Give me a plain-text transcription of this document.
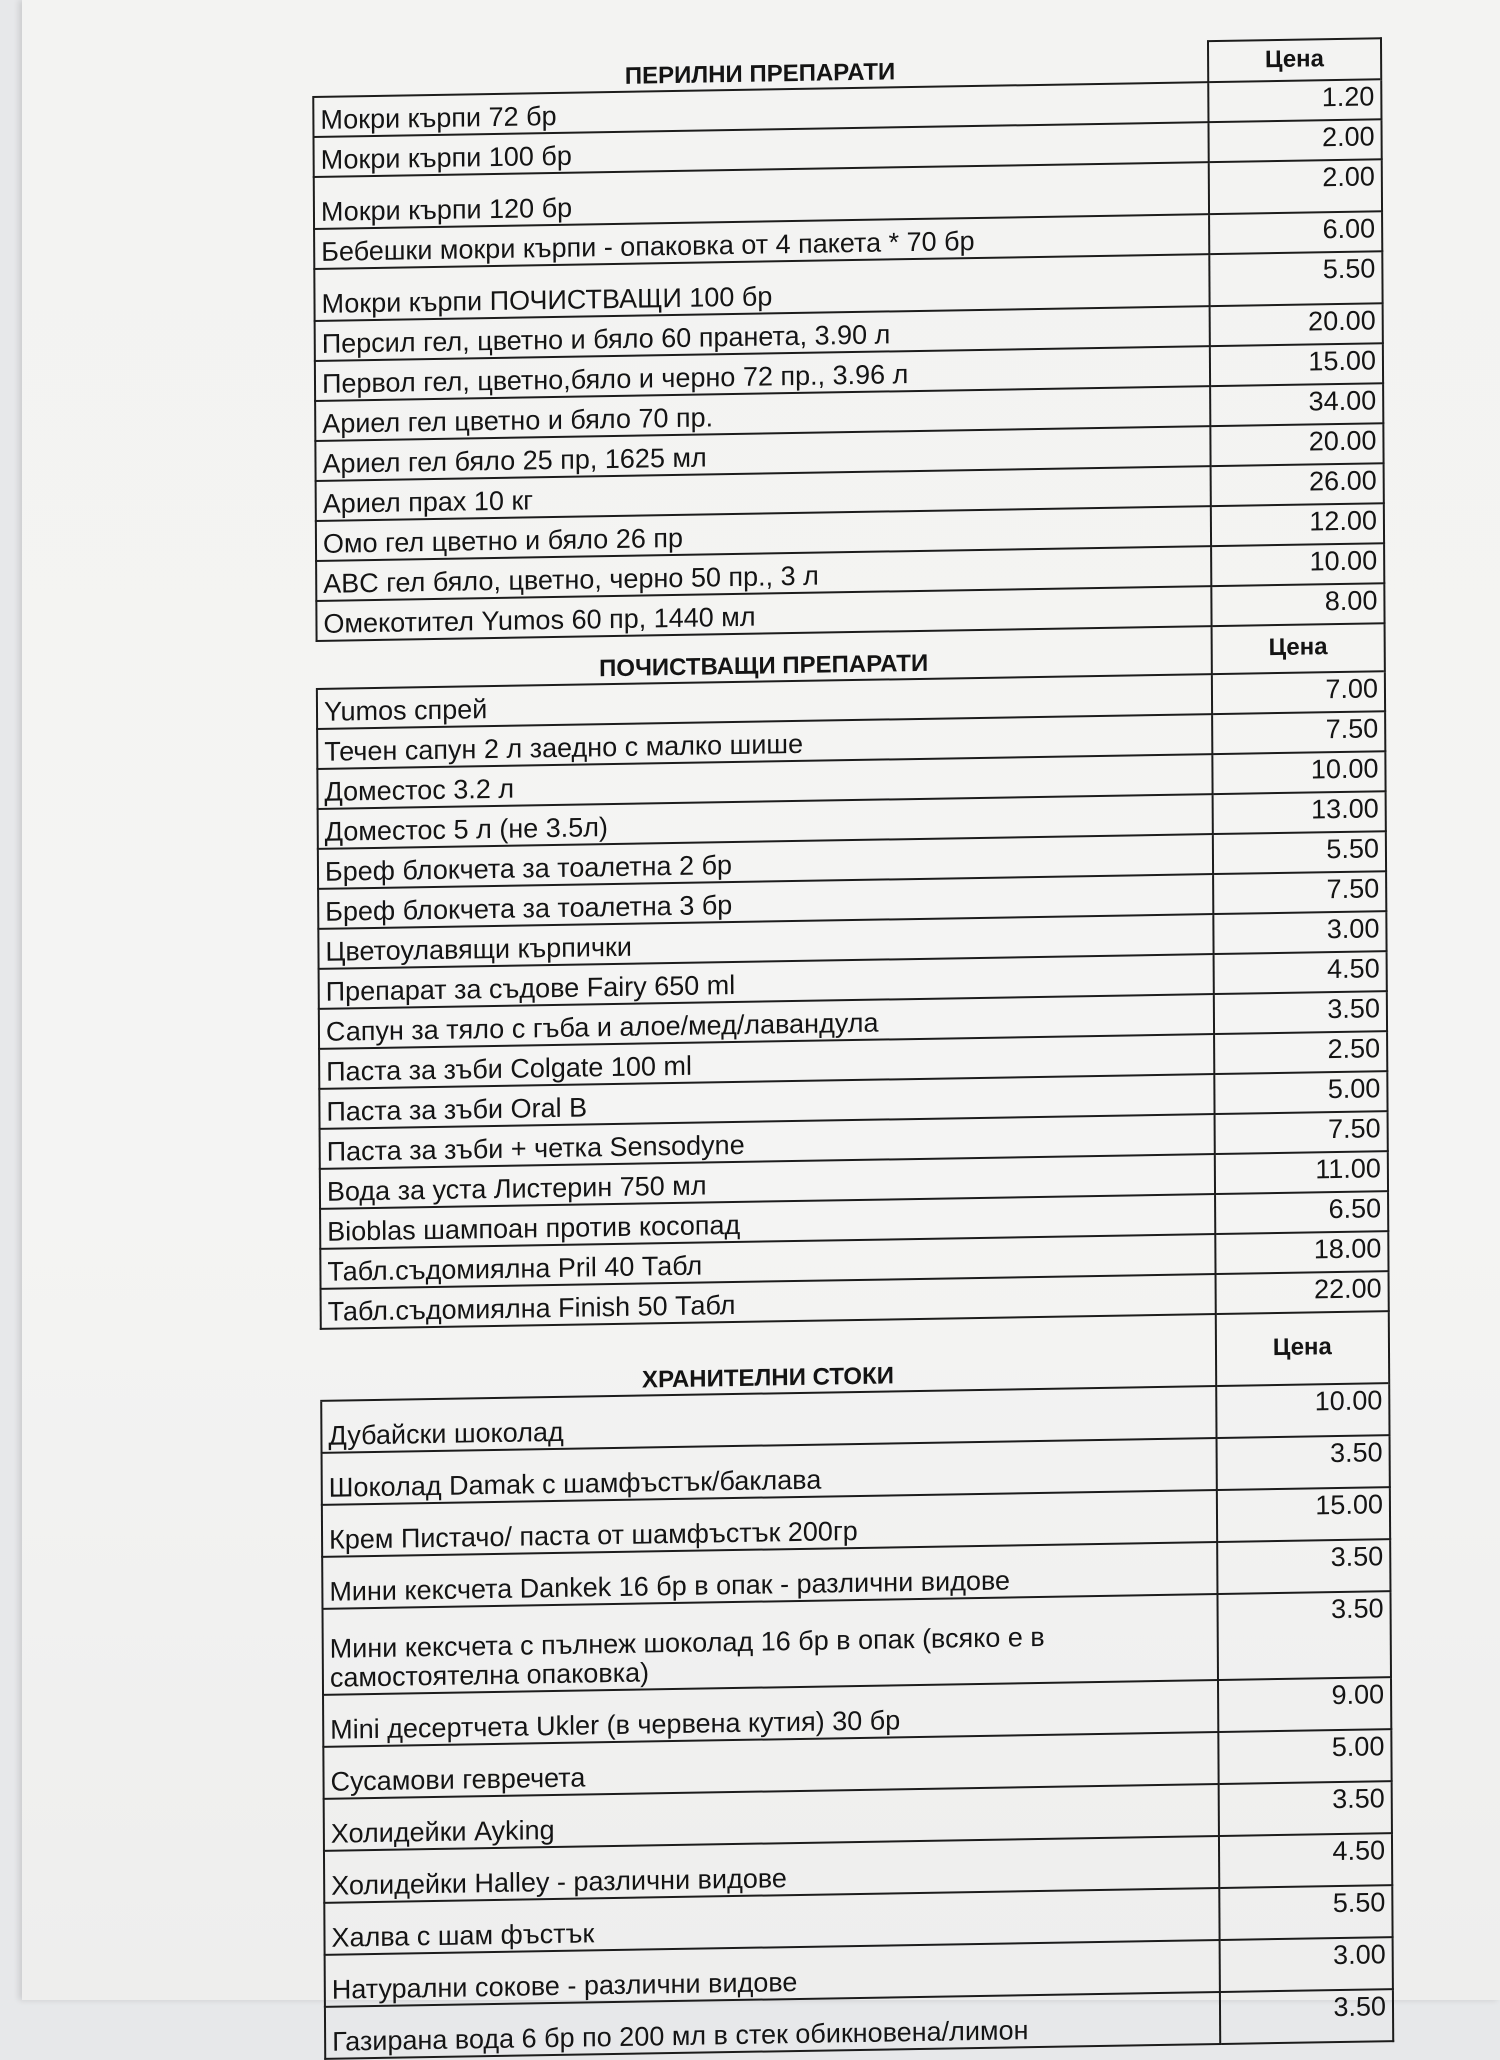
ПЕРИЛНИ ПРЕПАРАТИ	Цена
Мокри кърпи 72 бр	1.20
Мокри кърпи 100 бр	2.00
Мокри кърпи 120 бр	2.00
Бебешки мокри кърпи - опаковка от 4 пакета * 70 бр	6.00
Мокри кърпи ПОЧИСТВАЩИ 100 бр	5.50
Персил гел, цветно и бяло 60 пранета, 3.90 л	20.00
Первол гел, цветно,бяло и черно 72 пр., 3.96 л	15.00
Ариел гел цветно и бяло 70 пр.	34.00
Ариел гел бяло 25 пр, 1625 мл	20.00
Ариел прах 10 кг	26.00
Омо гел цветно и бяло 26 пр	12.00
ABC гел бяло, цветно, черно 50 пр., 3 л	10.00
Омекотител Yumos 60 пр, 1440 мл	8.00
ПОЧИСТВАЩИ ПРЕПАРАТИ	Цена
Yumos спрей	7.00
Течен сапун 2 л заедно с малко шише	7.50
Доместос 3.2 л	10.00
Доместос 5 л (не 3.5л)	13.00
Бреф блокчета за тоалетна 2 бр	5.50
Бреф блокчета за тоалетна 3 бр	7.50
Цветоулавящи кърпички	3.00
Препарат за съдове Fairy 650 ml	4.50
Сапун за тяло с гъба и алое/мед/лавандула	3.50
Паста за зъби Colgate 100 ml	2.50
Паста за зъби Oral B	5.00
Паста за зъби + четка Sensodyne	7.50
Вода за уста Листерин 750 мл	11.00
Bioblas шампоан против косопад	6.50
Табл.съдомиялна Pril 40 Табл	18.00
Табл.съдомиялна Finish 50 Табл	22.00
ХРАНИТЕЛНИ СТОКИ	Цена
Дубайски шоколад	10.00
Шоколад Damak с шамфъстък/баклава	3.50
Крем Пистачо/ паста от шамфъстък 200гр	15.00
Мини кексчета Dankek 16 бр в опак - различни видове	3.50
Мини кексчета с пълнеж шоколад 16 бр в опак (всяко е в самостоятелна опаковка)	3.50
Mini десертчета Ukler (в червена кутия) 30 бр	9.00
Сусамови гевречета	5.00
Холидейки Ayking	3.50
Холидейки Halley - различни видове	4.50
Халва с шам фъстък	5.50
Натурални сокове - различни видове	3.00
Газирана вода 6 бр по 200 мл в стек обикновена/лимон	3.50
